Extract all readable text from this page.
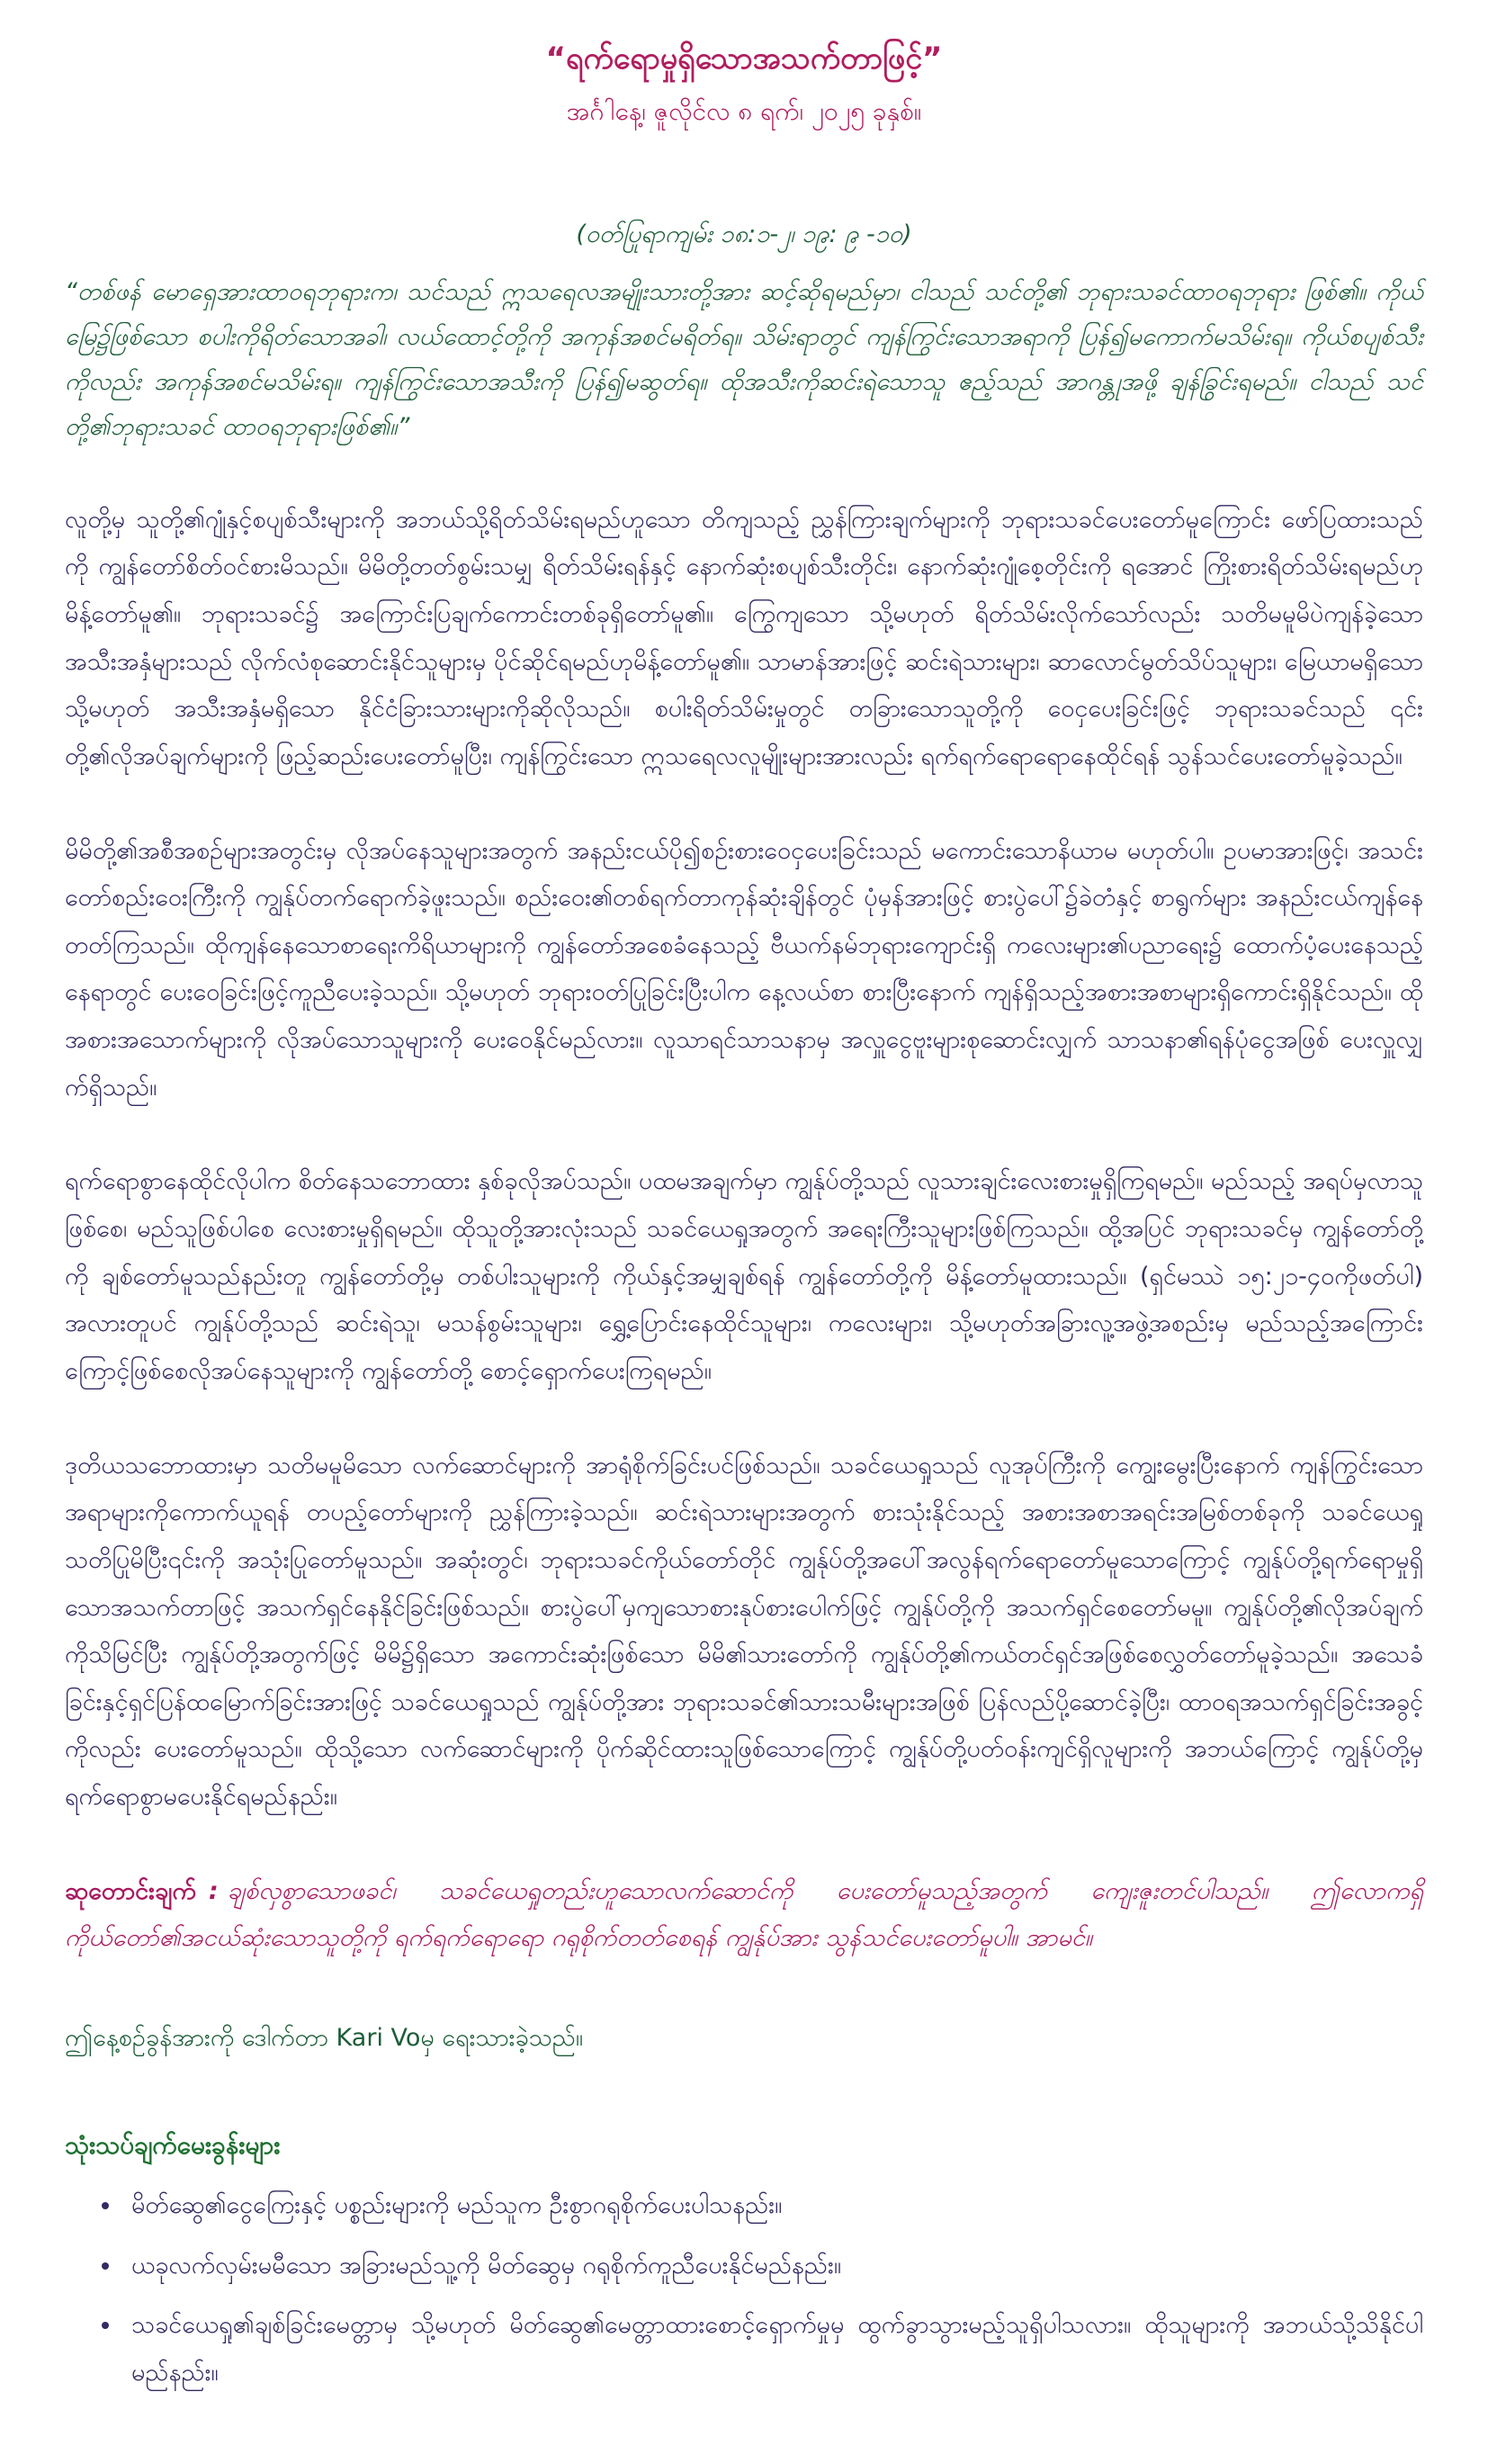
“ရက်ရောမှုရှိသောအသက်တာဖြင့်”
အင်္ဂါနေ့၊ ဇူလိုင်လ ၈ ရက်၊ ၂၀၂၅ ခုနှစ်။
(ဝတ်ပြုရာကျမ်း ၁၈:၁-၂၊ ၁၉: ၉ -၁၀)
“တစ်ဖန် မောရှေအားထာဝရဘုရားက၊ သင်သည် ဣသရေလအမျိုးသားတို့အား ဆင့်ဆိုရမည်မှာ၊ ငါသည် သင်တို့၏ ဘုရားသခင်ထာဝရဘုရား ဖြစ်၏။ ကိုယ်မြေ၌ဖြစ်သော စပါးကိုရိတ်သောအခါ၊ လယ်ထောင့်တို့ကို အကုန်အစင်မရိတ်ရ။ သိမ်းရာတွင် ကျန်ကြွင်းသောအရာကို ပြန်၍မကောက်မသိမ်းရ။ ကိုယ်စပျစ်သီးကိုလည်း အကုန်အစင်မသိမ်းရ။ ကျန်ကြွင်းသောအသီးကို ပြန်၍မဆွတ်ရ။ ထိုအသီးကိုဆင်းရဲသောသူ ဧည့်သည် အာဂန္တုအဖို့ ချန်ခြွင်းရမည်။ ငါသည် သင်တို့၏ဘုရားသခင် ထာဝရဘုရားဖြစ်၏။”

လူတို့မှ သူတို့၏ဂျုံနှင့်စပျစ်သီးများကို အဘယ်သို့ရိတ်သိမ်းရမည်ဟူသော တိကျသည့် ညွှန်ကြားချက်များကို ဘုရားသခင်ပေးတော်မူကြောင်း ဖော်ပြထားသည်ကို ကျွန်တော်စိတ်ဝင်စားမိသည်။ မိမိတို့တတ်စွမ်းသမျှ ရိတ်သိမ်းရန်နှင့် နောက်ဆုံးစပျစ်သီးတိုင်း၊ နောက်ဆုံးဂျုံစေ့တိုင်းကို ရအောင် ကြိုးစားရိတ်သိမ်းရမည်ဟု မိန့်တော်မူ၏။ ဘုရားသခင်၌ အကြောင်းပြချက်ကောင်းတစ်ခုရှိတော်မူ၏။ ကြွေကျသော သို့မဟုတ် ရိတ်သိမ်းလိုက်သော်လည်း သတိမမူမိပဲကျန်ခဲ့သောအသီးအနှံများသည် လိုက်လံစုဆောင်းနိုင်သူများမှ ပိုင်ဆိုင်ရမည်ဟုမိန့်တော်မူ၏။ သာမာန်အားဖြင့် ဆင်းရဲသားများ၊ ဆာလောင်မွတ်သိပ်သူများ၊ မြေယာမရှိသောသို့မဟုတ် အသီးအနှံမရှိသော နိုင်ငံခြားသားများကိုဆိုလိုသည်။ စပါးရိတ်သိမ်းမှုတွင် တခြားသောသူတို့ကို ဝေငှပေးခြင်းဖြင့် ဘုရားသခင်သည် ၎င်းတို့၏လိုအပ်ချက်များကို ဖြည့်ဆည်းပေးတော်မူပြီး၊ ကျန်ကြွင်းသော ဣသရေလလူမျိုးများအားလည်း ရက်ရက်ရောရောနေထိုင်ရန် သွန်သင်ပေးတော်မူခဲ့သည်။

မိမိတို့၏အစီအစဉ်များအတွင်းမှ လိုအပ်နေသူများအတွက် အနည်းငယ်ပို၍စဉ်းစားဝေငှပေးခြင်းသည် မကောင်းသောနိယာမ မဟုတ်ပါ။ ဥပမာအားဖြင့်၊ အသင်းတော်စည်းဝေးကြီးကို ကျွန်ုပ်တက်ရောက်ခဲ့ဖူးသည်။ စည်းဝေး၏တစ်ရက်တာကုန်ဆုံးချိန်တွင် ပုံမှန်အားဖြင့် စားပွဲပေါ်၌ခဲတံနှင့် စာရွက်များ အနည်းငယ်ကျန်နေတတ်ကြသည်။ ထိုကျန်နေသောစာရေးကိရိယာများကို ကျွန်တော်အစေခံနေသည့် ဗီယက်နမ်ဘုရားကျောင်းရှိ ကလေးများ၏ပညာရေး၌ ထောက်ပံ့ပေးနေသည့်နေရာတွင် ပေးဝေခြင်းဖြင့်ကူညီပေးခဲ့သည်။ သို့မဟုတ် ဘုရားဝတ်ပြုခြင်းပြီးပါက နေ့လယ်စာ စားပြီးနောက် ကျန်ရှိသည့်အစားအစာများရှိကောင်းရှိနိုင်သည်။ ထိုအစားအသောက်များကို လိုအပ်သောသူများကို ပေးဝေနိုင်မည်လား။ လူသာရင်သာသနာမှ အလှူငွေဗူးများစုဆောင်းလျှက် သာသနာ၏ရန်ပုံငွေအဖြစ် ပေးလှူလျှက်ရှိသည်။

ရက်ရောစွာနေထိုင်လိုပါက စိတ်နေသဘောထား နှစ်ခုလိုအပ်သည်။ ပထမအချက်မှာ ကျွန်ုပ်တို့သည် လူသားချင်းလေးစားမှုရှိကြရမည်။ မည်သည့် အရပ်မှလာသူဖြစ်စေ၊ မည်သူဖြစ်ပါစေ လေးစားမှုရှိရမည်။ ထိုသူတို့အားလုံးသည် သခင်ယေရှုအတွက် အရေးကြီးသူများဖြစ်ကြသည်။ ထို့အပြင် ဘုရားသခင်မှ ကျွန်တော်တို့ကို ချစ်တော်မူသည်နည်းတူ ကျွန်တော်တို့မှ တစ်ပါးသူများကို ကိုယ်နှင့်အမျှချစ်ရန် ကျွန်တော်တို့ကို မိန့်တော်မူထားသည်။ (ရှင်မဿဲ ၁၅:၂၁-၄၀ကိုဖတ်ပါ) အလားတူပင် ကျွန်ုပ်တို့သည် ဆင်းရဲသူ၊ မသန်စွမ်းသူများ၊ ရွှေ့ပြောင်းနေထိုင်သူများ၊ ကလေးများ၊ သို့မဟုတ်အခြားလူ့အဖွဲ့အစည်းမှ မည်သည့်အကြောင်းကြောင့်ဖြစ်စေလိုအပ်နေသူများကို ကျွန်တော်တို့ စောင့်ရှောက်ပေးကြရမည်။

ဒုတိယသဘောထားမှာ သတိမမူမိသော လက်ဆောင်များကို အာရုံစိုက်ခြင်းပင်ဖြစ်သည်။ သခင်ယေရှုသည် လူအုပ်ကြီးကို ကျွေးမွေးပြီးနောက် ကျန်ကြွင်းသောအရာများကိုကောက်ယူရန် တပည့်တော်များကို ညွှန်ကြားခဲ့သည်။ ဆင်းရဲသားများအတွက် စားသုံးနိုင်သည့် အစားအစာအရင်းအမြစ်တစ်ခုကို သခင်ယေရှုသတိပြုမိပြီး၎င်းကို အသုံးပြုတော်မူသည်။ အဆုံးတွင်၊ ဘုရားသခင်ကိုယ်တော်တိုင် ကျွန်ုပ်တို့အပေါ်အလွန်ရက်ရောတော်မူသောကြောင့် ကျွန်ုပ်တို့ရက်ရောမှုရှိသောအသက်တာဖြင့် အသက်ရှင်နေနိုင်ခြင်းဖြစ်သည်။ စားပွဲပေါ်မှကျသောစားနုပ်စားပေါက်ဖြင့် ကျွန်ုပ်တို့ကို အသက်ရှင်စေတော်မမူ။ ကျွန်ုပ်တို့၏လိုအပ်ချက်ကိုသိမြင်ပြီး ကျွန်ုပ်တို့အတွက်ဖြင့် မိမိ၌ရှိသော အကောင်းဆုံးဖြစ်သော မိမိ၏သားတော်ကို ကျွန်ုပ်တို့၏ကယ်တင်ရှင်အဖြစ်စေလွှတ်တော်မူခဲ့သည်။ အသေခံခြင်းနှင့်ရှင်ပြန်ထမြောက်ခြင်းအားဖြင့် သခင်ယေရှုသည် ကျွန်ုပ်တို့အား ဘုရားသခင်၏သားသမီးများအဖြစ် ပြန်လည်ပို့ဆောင်ခဲ့ပြီး၊ ထာဝရအသက်ရှင်ခြင်းအခွင့်ကိုလည်း ပေးတော်မူသည်။ ထိုသို့သော လက်ဆောင်များကို ပိုက်ဆိုင်ထားသူဖြစ်သောကြောင့် ကျွန်ုပ်တို့ပတ်ဝန်းကျင်ရှိလူများကို အဘယ်ကြောင့် ကျွန်ုပ်တို့မှ ရက်ရောစွာမပေးနိုင်ရမည်နည်း။

ဆုတောင်းချက် : ချစ်လှစွာသောဖခင်၊ သခင်ယေရှုတည်းဟူသောလက်ဆောင်ကို ပေးတော်မူသည့်အတွက် ကျေးဇူးတင်ပါသည်။ ဤလောကရှိ ကိုယ်တော်၏အငယ်ဆုံးသောသူတို့ကို ရက်ရက်ရောရော ဂရုစိုက်တတ်စေရန် ကျွန်ုပ်အား သွန်သင်ပေးတော်မူပါ။ အာမင်။
ဤနေ့စဉ်ခွန်အားကို ဒေါက်တာ Kari Voမှ ရေးသားခဲ့သည်။
သုံးသပ်ချက်မေးခွန်းများ
• မိတ်ဆွေ၏ငွေကြေးနှင့် ပစ္စည်းများကို မည်သူက ဦးစွာဂရုစိုက်ပေးပါသနည်း။
• ယခုလက်လှမ်းမမီသော အခြားမည်သူ့ကို မိတ်ဆွေမှ ဂရုစိုက်ကူညီပေးနိုင်မည်နည်း။
• သခင်ယေရှု၏ချစ်ခြင်းမေတ္တာမှ သို့မဟုတ် မိတ်ဆွေ၏မေတ္တာထားစောင့်ရှောက်မှုမှ ထွက်ခွာသွားမည့်သူရှိပါသလား။ ထိုသူများကို အဘယ်သို့သိနိုင်ပါမည်နည်း။
